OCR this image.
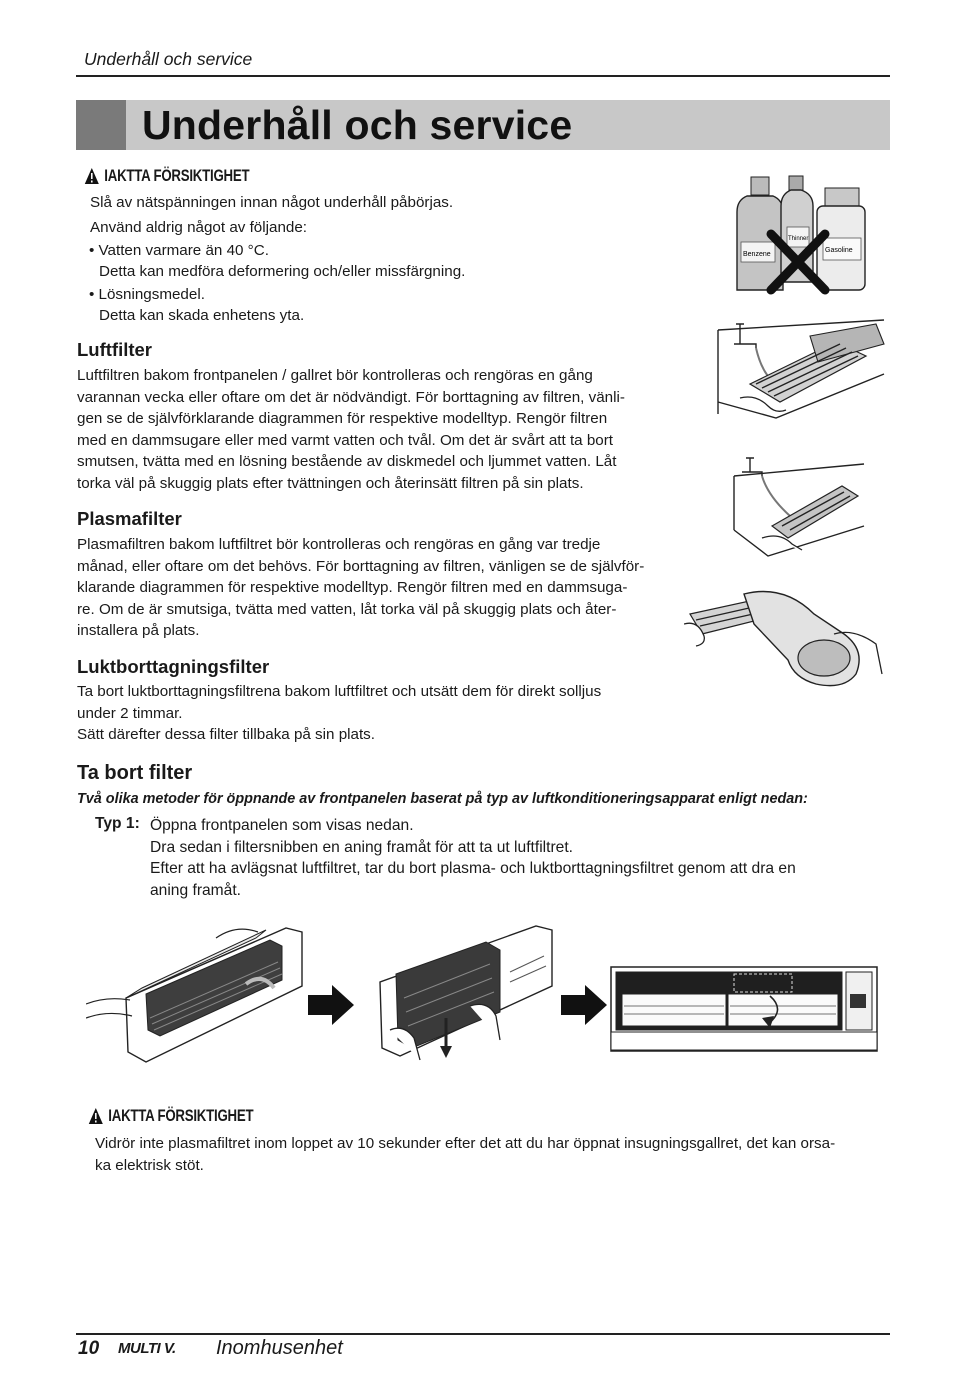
Underhåll och service
Underhåll och service
IAKTTA FÖRSIKTIGHET
Slå av nätspänningen innan något underhåll påbörjas.
Använd aldrig något av följande:
• Vatten varmare än 40 °C.
Detta kan medföra deformering och/eller missfärgning.
• Lösningsmedel.
Detta kan skada enhetens yta.
Luftfilter
Luftfiltren bakom frontpanelen / gallret bör kontrolleras och rengöras en gång
varannan vecka eller oftare om det är nödvändigt. För borttagning av filtren, vänli-
gen se de självförklarande diagrammen för respektive modelltyp. Rengör filtren
med en dammsugare eller med varmt vatten och tvål. Om det är svårt att ta bort
smutsen, tvätta med en lösning bestående av diskmedel och ljummet vatten. Låt
torka väl på skuggig plats efter tvättningen och återinsätt filtren på sin plats.
Plasmafilter
Plasmafiltren bakom luftfiltret bör kontrolleras och rengöras en gång var tredje
månad, eller oftare om det behövs. För borttagning av filtren, vänligen se de självför-
klarande diagrammen för respektive modelltyp. Rengör filtren med en dammsuga-
re. Om de är smutsiga, tvätta med vatten, låt torka väl på skuggig plats och åter-
installera på plats.
Luktborttagningsfilter
Ta bort luktborttagningsfiltrena bakom luftfiltret och utsätt dem för direkt solljus
under 2 timmar.
Sätt därefter dessa filter tillbaka på sin plats.
Ta bort filter
Två olika metoder för öppnande av frontpanelen baserat på typ av luftkonditioneringsapparat enligt nedan:
Typ 1: Öppna frontpanelen som visas nedan.
Dra sedan i filtersnibben en aning framåt för att ta ut luftfiltret.
Efter att ha avlägsnat luftfiltret, tar du bort plasma- och luktborttagningsfiltret genom att dra en
aning framåt.
Benzene
Thinner
Gasoline
IAKTTA FÖRSIKTIGHET
Vidrör inte plasmafiltret inom loppet av 10 sekunder efter det att du har öppnat insugningsgallret, det kan orsa-
ka elektrisk stöt.
10 MULTI V. Inomhusenhet
